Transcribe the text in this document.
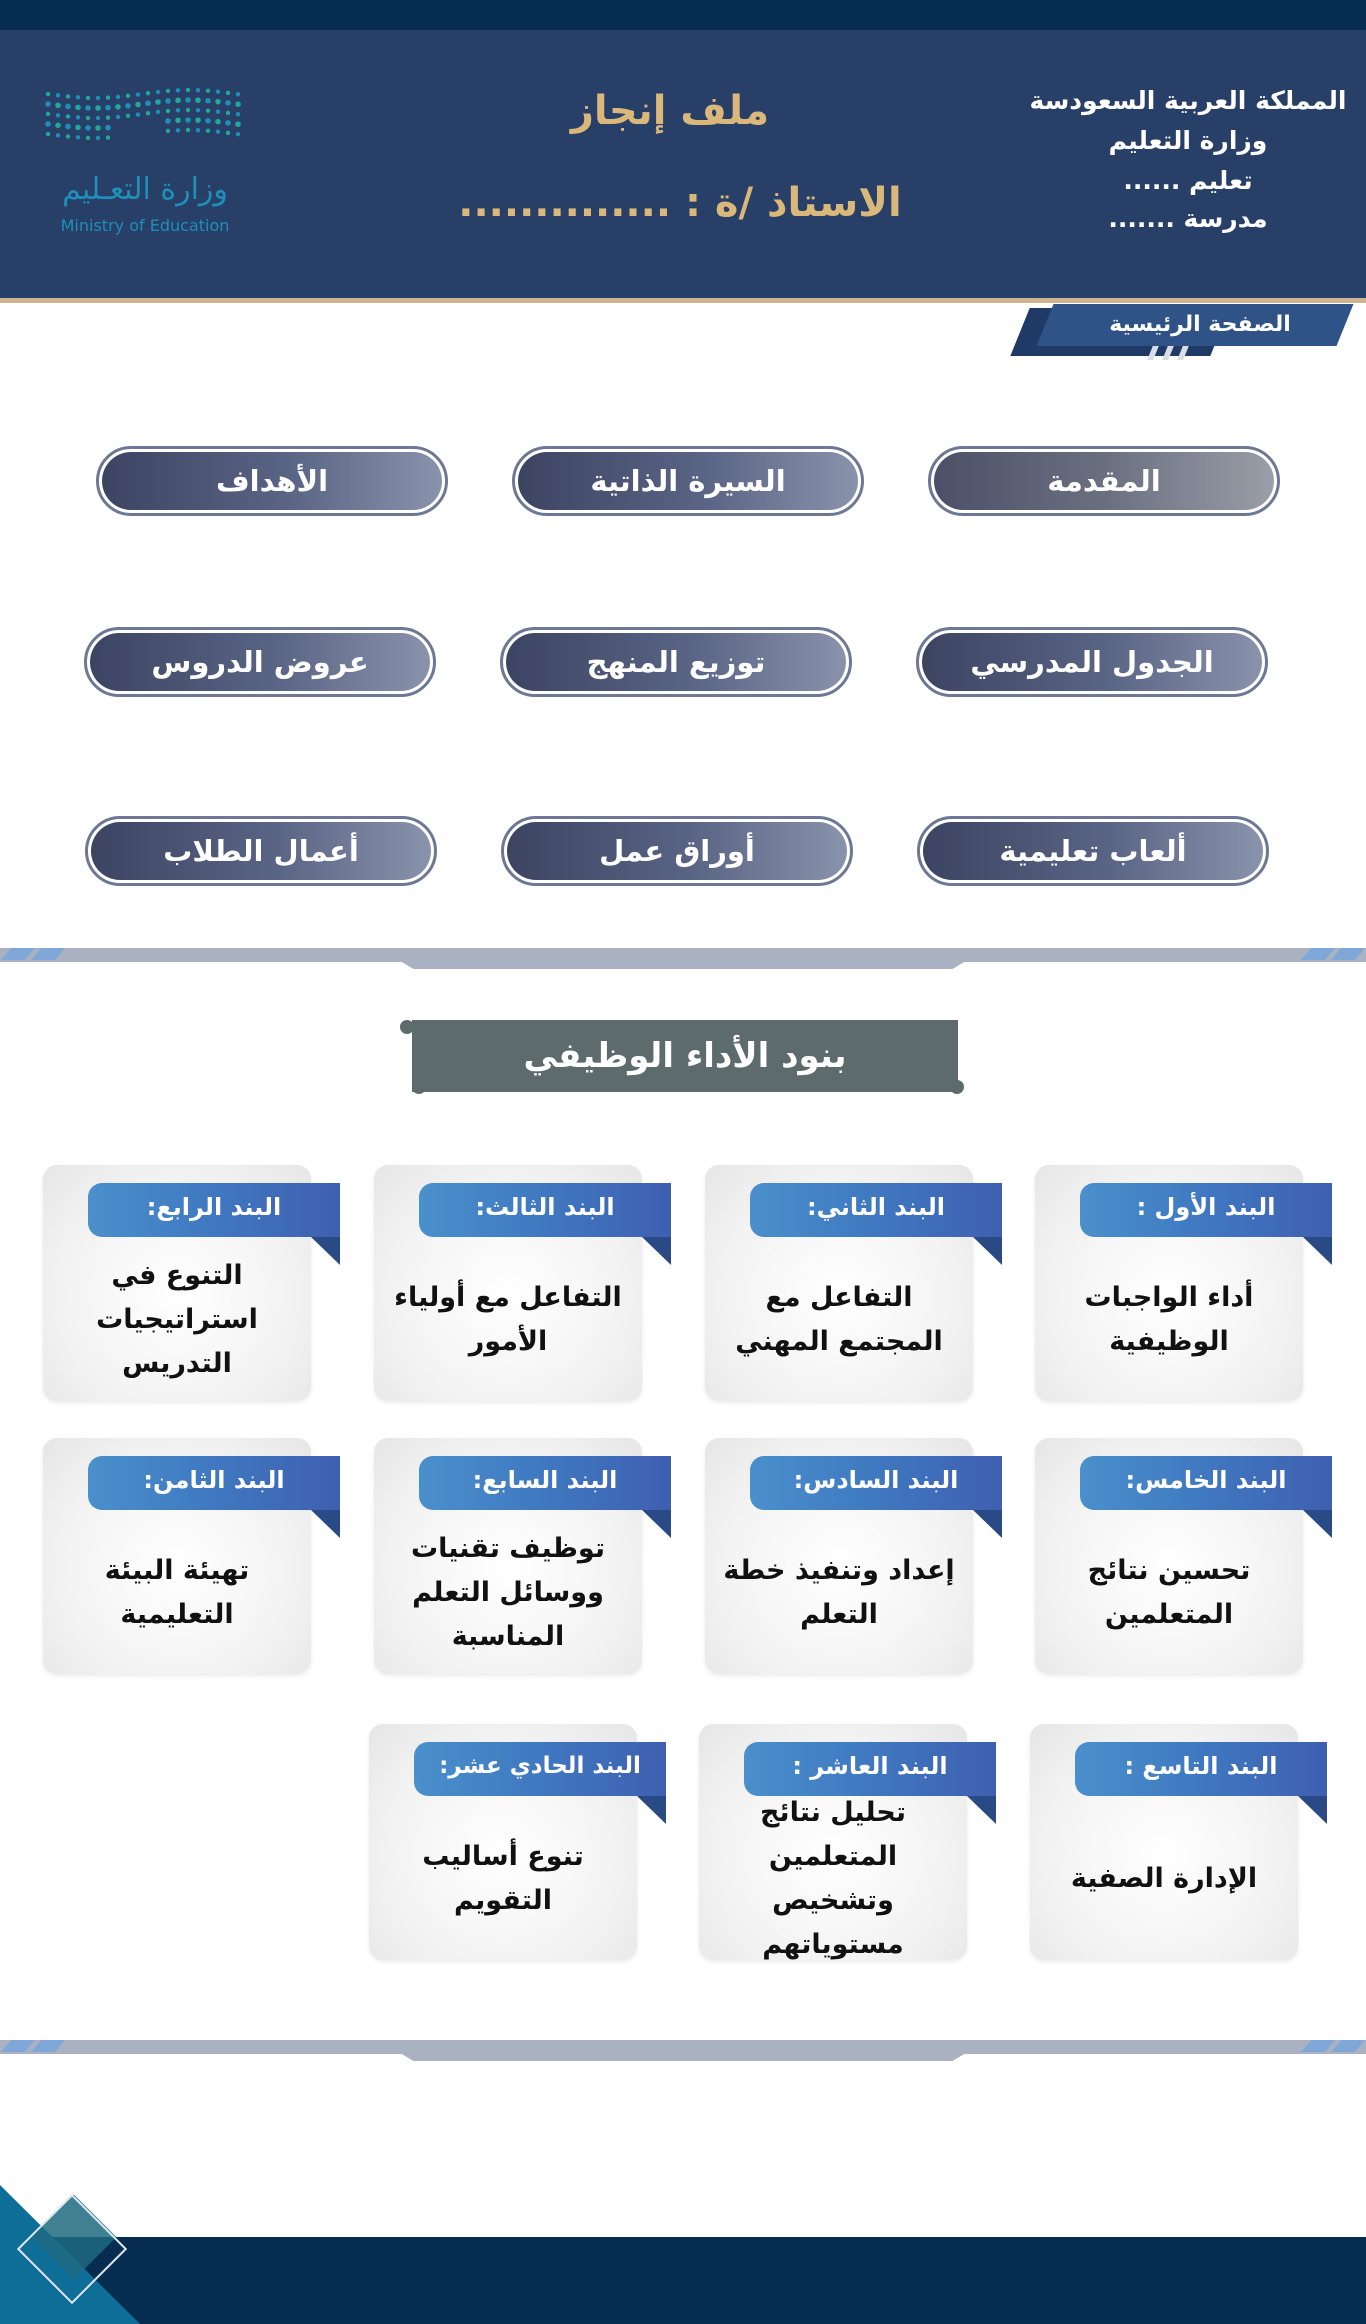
المملكة العربية السعودسة
وزارة التعليم
تعليم ......
مدرسة .......
ملف إنجاز
الاستاذ /ة : ..............
وزارة التعـليم
Ministry of Education
الصفحة الرئيسية
المقدمة
السيرة الذاتية
الأهداف
الجدول المدرسي
توزيع المنهج
عروض الدروس
ألعاب تعليمية
أوراق عمل
أعمال الطلاب
بنود الأداء الوظيفي
البند الأول :
أداء الواجبات الوظيفية
البند الثاني:
التفاعل مع المجتمع المهني
البند الثالث:
التفاعل مع أولياء الأمور
البند الرابع:
التنوع في استراتيجيات التدريس
البند الخامس:
تحسين نتائج المتعلمين
البند السادس:
إعداد وتنفيذ خطة التعلم
البند السابع:
توظيف تقنيات ووسائل التعلم المناسبة
البند الثامن:
تهيئة البيئة التعليمية
البند التاسع :
الإدارة الصفية
البند العاشر :
تحليل نتائج المتعلمين وتشخيص مستوياتهم
البند الحادي عشر:
تنوع أساليب التقويم
